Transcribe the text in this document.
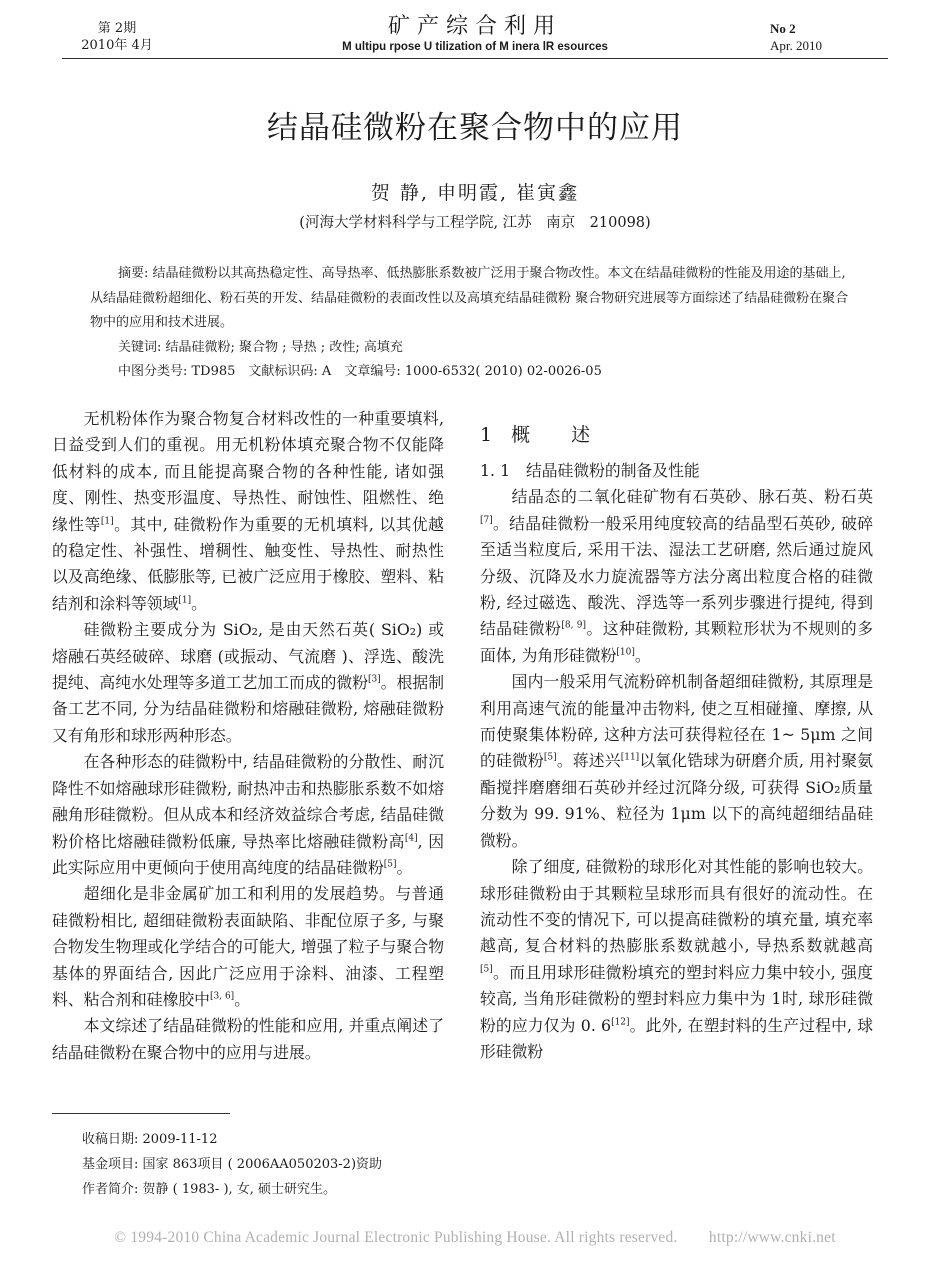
第 2期
2010年 4月
矿产综合利用
M ultipu rpose U tilization of M inera lR esources
No 2
Apr. 2010
结晶硅微粉在聚合物中的应用
贺 静, 申明霞, 崔寅鑫
(河海大学材料科学与工程学院, 江苏　南京　210098)

摘要: 结晶硅微粉以其高热稳定性、高导热率、低热膨胀系数被广泛用于聚合物改性。本文在结晶硅微粉的性能及用途的基础上, 从结晶硅微粉超细化、粉石英的开发、结晶硅微粉的表面改性以及高填充结晶硅微粉 聚合物研究进展等方面综述了结晶硅微粉在聚合物中的应用和技术进展。

关键词: 结晶硅微粉; 聚合物 ; 导热 ; 改性; 高填充

中图分类号: TD985　文献标识码: A　文章编号: 1000-6532( 2010) 02-0026-05

无机粉体作为聚合物复合材料改性的一种重要填料, 日益受到人们的重视。用无机粉体填充聚合物不仅能降低材料的成本, 而且能提高聚合物的各种性能, 诸如强度、刚性、热变形温度、导热性、耐蚀性、阻燃性、绝缘性等[1]。其中, 硅微粉作为重要的无机填料, 以其优越的稳定性、补强性、增稠性、触变性、导热性、耐热性以及高绝缘、低膨胀等, 已被广泛应用于橡胶、塑料、粘结剂和涂料等领域[1]。

硅微粉主要成分为 SiO₂, 是由天然石英( SiO₂) 或熔融石英经破碎、球磨 (或振动、气流磨 )、浮选、酸洗提纯、高纯水处理等多道工艺加工而成的微粉[3]。根据制备工艺不同, 分为结晶硅微粉和熔融硅微粉, 熔融硅微粉又有角形和球形两种形态。

在各种形态的硅微粉中, 结晶硅微粉的分散性、耐沉降性不如熔融球形硅微粉, 耐热冲击和热膨胀系数不如熔融角形硅微粉。但从成本和经济效益综合考虑, 结晶硅微粉价格比熔融硅微粉低廉, 导热率比熔融硅微粉高[4], 因此实际应用中更倾向于使用高纯度的结晶硅微粉[5]。

超细化是非金属矿加工和利用的发展趋势。与普通硅微粉相比, 超细硅微粉表面缺陷、非配位原子多, 与聚合物发生物理或化学结合的可能大, 增强了粒子与聚合物基体的界面结合, 因此广泛应用于涂料、油漆、工程塑料、粘合剂和硅橡胶中[3, 6]。

本文综述了结晶硅微粉的性能和应用, 并重点阐述了结晶硅微粉在聚合物中的应用与进展。

1 概　　述
1. 1　结晶硅微粉的制备及性能

结晶态的二氧化硅矿物有石英砂、脉石英、粉石英[7]。结晶硅微粉一般采用纯度较高的结晶型石英砂, 破碎至适当粒度后, 采用干法、湿法工艺研磨, 然后通过旋风分级、沉降及水力旋流器等方法分离出粒度合格的硅微粉, 经过磁选、酸洗、浮选等一系列步骤进行提纯, 得到结晶硅微粉[8, 9]。这种硅微粉, 其颗粒形状为不规则的多面体, 为角形硅微粉[10]。

国内一般采用气流粉碎机制备超细硅微粉, 其原理是利用高速气流的能量冲击物料, 使之互相碰撞、摩擦, 从而使聚集体粉碎, 这种方法可获得粒径在 1~ 5μm 之间的硅微粉[5]。蒋述兴[11]以氧化锆球为研磨介质, 用衬聚氨酯搅拌磨磨细石英砂并经过沉降分级, 可获得 SiO₂质量分数为 99. 91%、粒径为 1μm 以下的高纯超细结晶硅微粉。

除了细度, 硅微粉的球形化对其性能的影响也较大。球形硅微粉由于其颗粒呈球形而具有很好的流动性。在流动性不变的情况下, 可以提高硅微粉的填充量, 填充率越高, 复合材料的热膨胀系数就越小, 导热系数就越高[5]。而且用球形硅微粉填充的塑封料应力集中较小, 强度较高, 当角形硅微粉的塑封料应力集中为 1时, 球形硅微粉的应力仅为 0. 6[12]。此外, 在塑封料的生产过程中, 球形硅微粉

收稿日期: 2009-11-12
基金项目: 国家 863项目 ( 2006AA050203-2)资助
作者简介: 贺静 ( 1983- ), 女, 硕士研究生。
© 1994-2010 China Academic Journal Electronic Publishing House. All rights reserved.　　http://www.cnki.net
